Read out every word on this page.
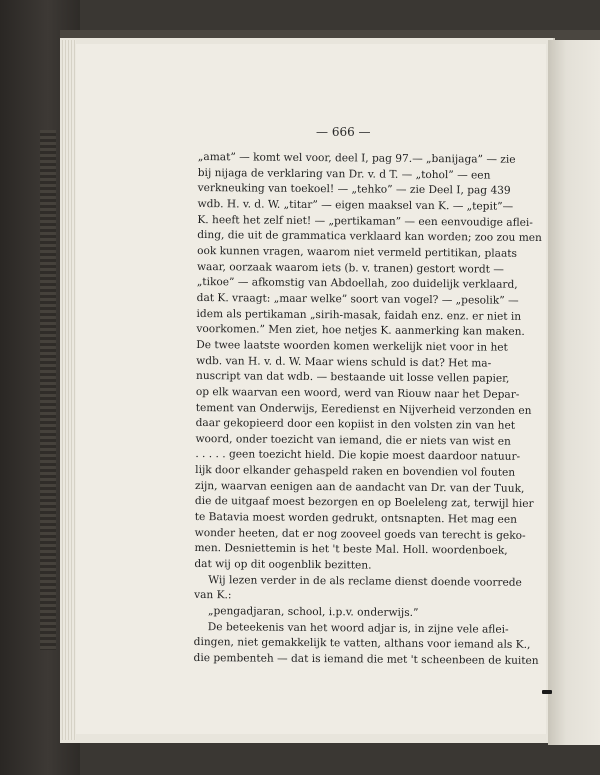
— 666 —
„amat” — komt wel voor, deel I, pag 97.— „banijaga” — zie
bij nijaga de verklaring van Dr. v. d T. — „tohol” — een
verkneuking van toekoel! — „tehko” — zie Deel I, pag 439
wdb. H. v. d. W. „titar” — eigen maaksel van K. — „tepit”—
K. heeft het zelf niet! — „pertikaman” — een eenvoudige aflei-
ding, die uit de grammatica verklaard kan worden; zoo zou men
ook kunnen vragen, waarom niet vermeld pertitikan, plaats
waar, oorzaak waarom iets (b. v. tranen) gestort wordt —
„tikoe” — afkomstig van Abdoellah, zoo duidelijk verklaard,
dat K. vraagt: „maar welke” soort van vogel? — „pesolik” —
idem als pertikaman „sirih-masak, faidah enz. enz. er niet in
voorkomen.” Men ziet, hoe netjes K. aanmerking kan maken.
De twee laatste woorden komen werkelijk niet voor in het
wdb. van H. v. d. W. Maar wiens schuld is dat? Het ma-
nuscript van dat wdb. — bestaande uit losse vellen papier,
op elk waarvan een woord, werd van Riouw naar het Depar-
tement van Onderwijs, Eeredienst en Nijverheid verzonden en
daar gekopieerd door een kopiist in den volsten zin van het
woord, onder toezicht van iemand, die er niets van wist en
. . . . . geen toezicht hield. Die kopie moest daardoor natuur-
lijk door elkander gehaspeld raken en bovendien vol fouten
zijn, waarvan eenigen aan de aandacht van Dr. van der Tuuk,
die de uitgaaf moest bezorgen en op Boeleleng zat, terwijl hier
te Batavia moest worden gedrukt, ontsnapten. Het mag een
wonder heeten, dat er nog zooveel goeds van terecht is geko-
men. Desniettemin is het 't beste Mal. Holl. woordenboek,
dat wij op dit oogenblik bezitten.
Wij lezen verder in de als reclame dienst doende voorrede
van K.:
„pengadjaran, school, i.p.v. onderwijs.”
De beteekenis van het woord adjar is, in zijne vele aflei-
dingen, niet gemakkelijk te vatten, althans voor iemand als K.,
die pembenteh — dat is iemand die met 't scheenbeen de kuiten
